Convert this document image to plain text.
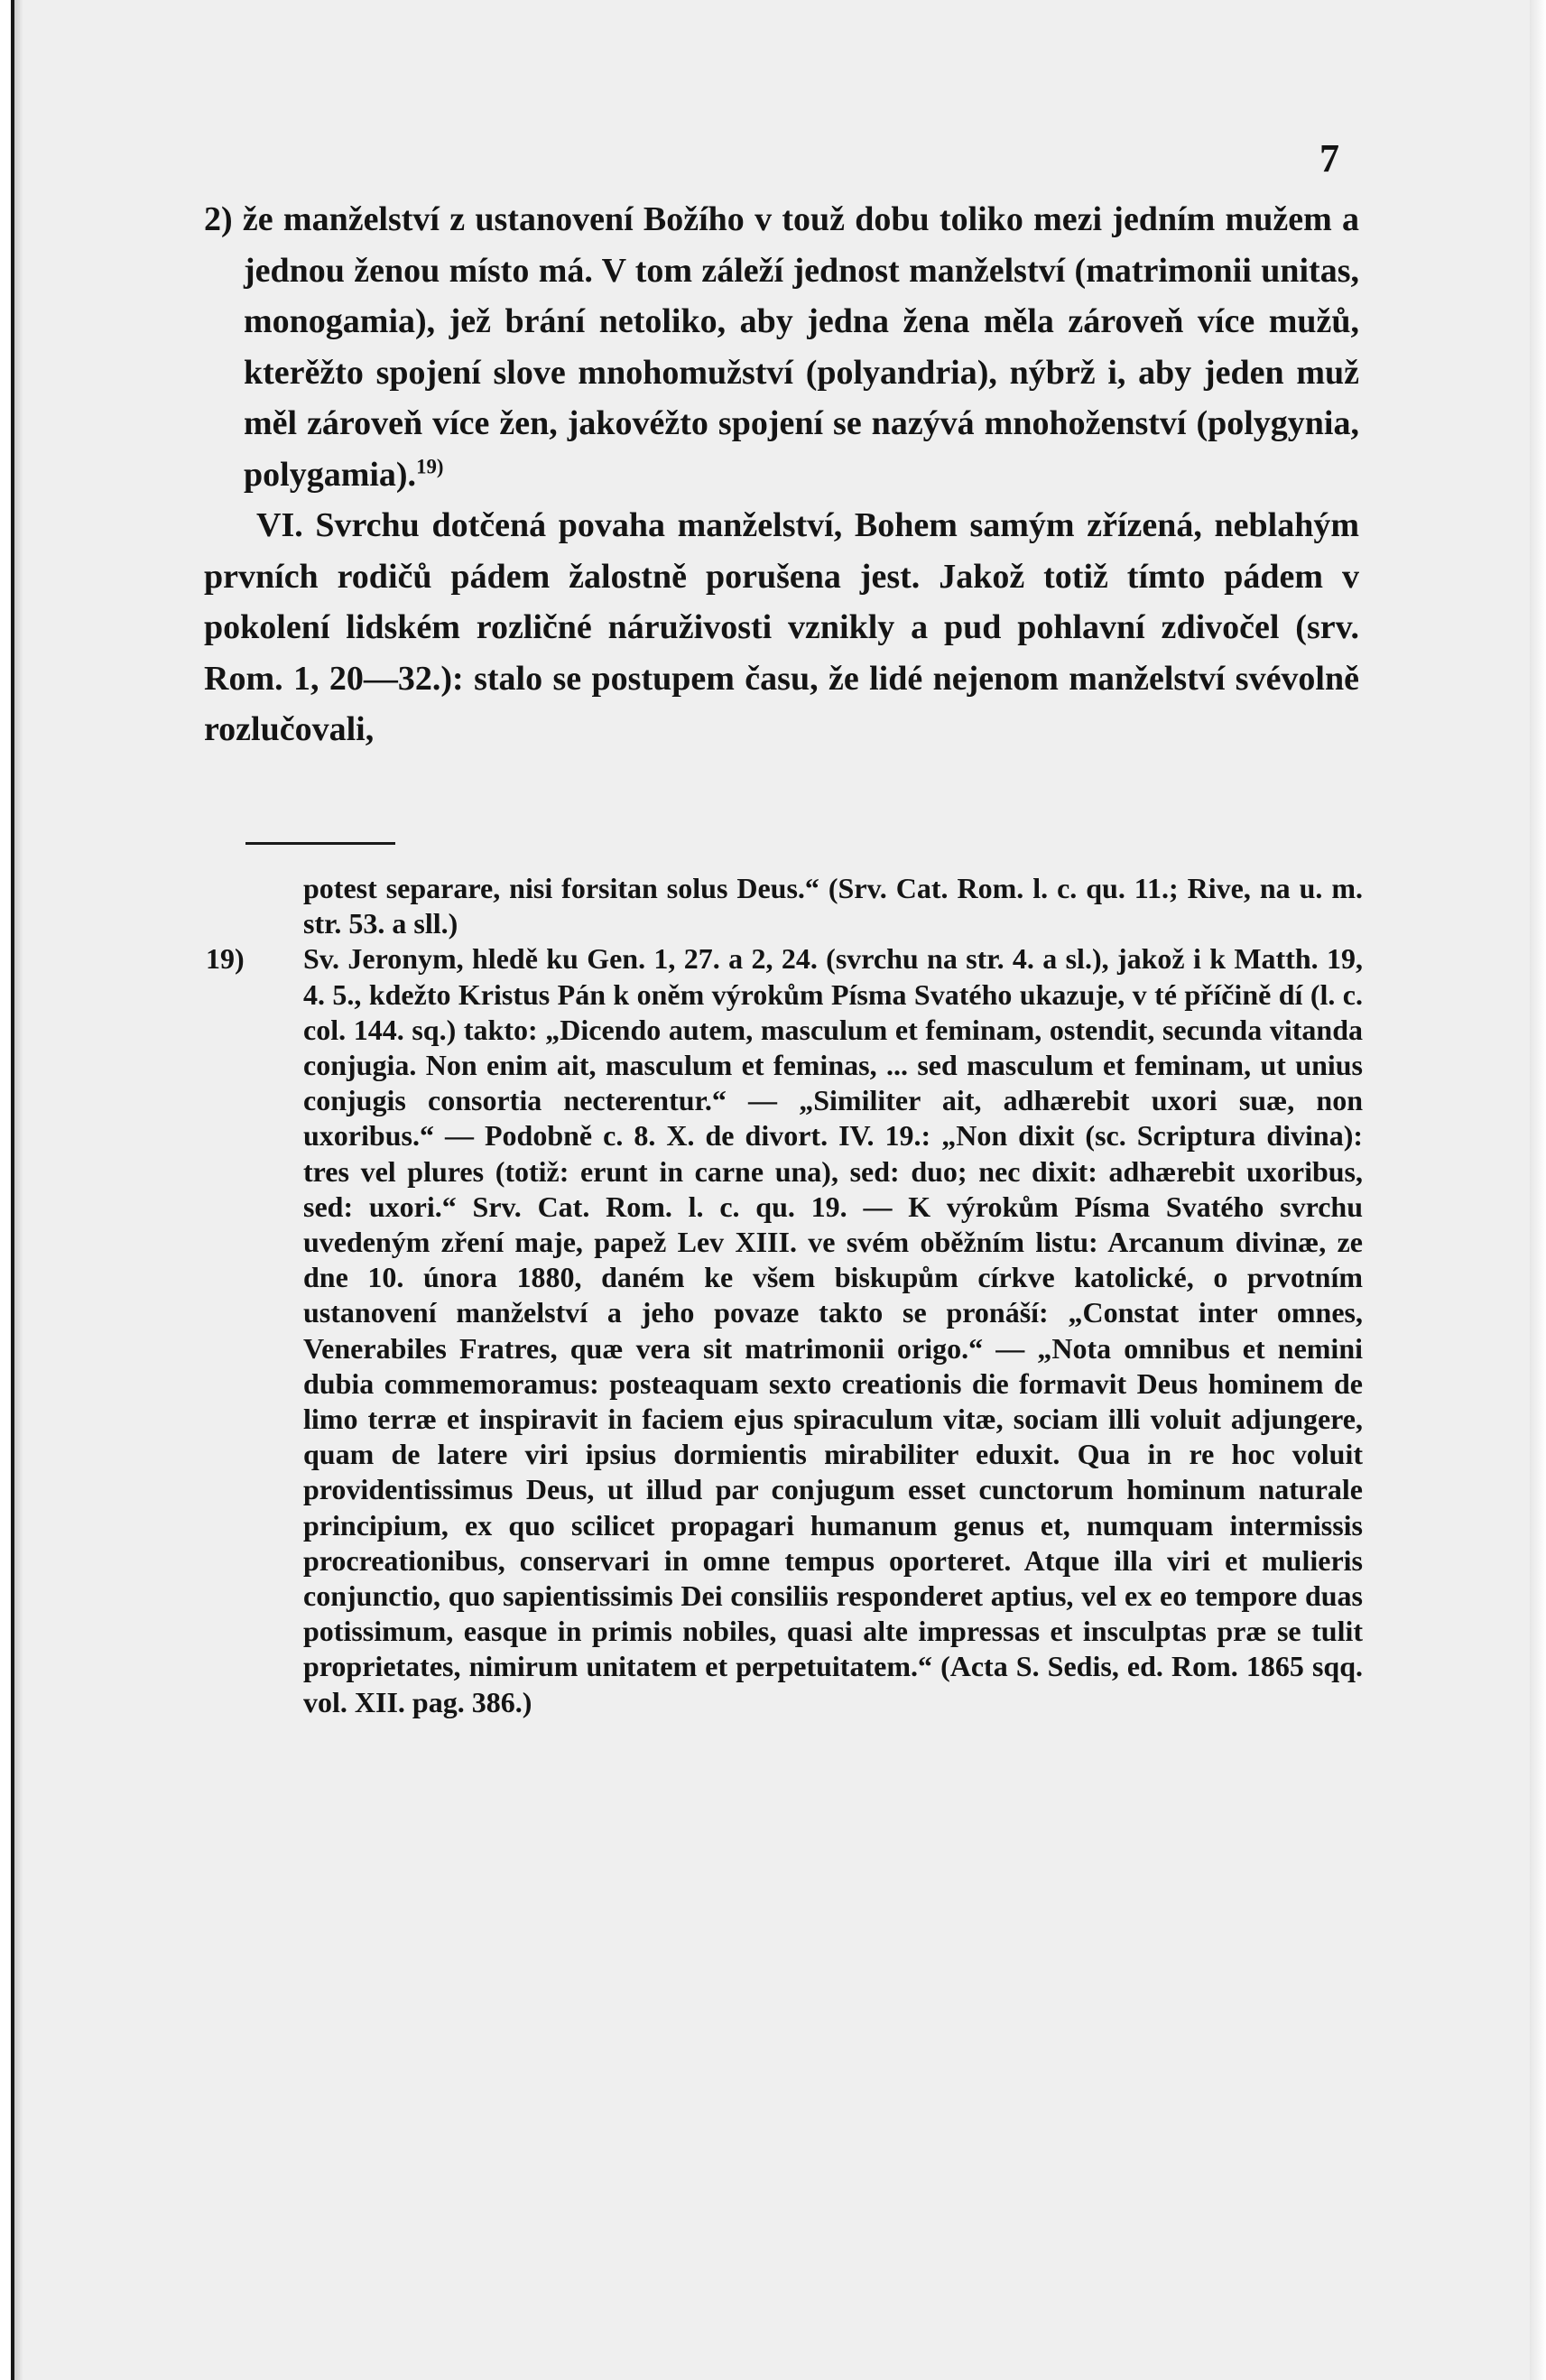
7

2) že manželství z ustanovení Božího v touž dobu toliko mezi jedním mužem a jednou ženou místo má. V tom záleží jednost manželství (matrimonii unitas, monogamia), jež brání netoliko, aby jedna žena měla zároveň více mužů, kterěžto spojení slove mnohomužství (polyandria), nýbrž i, aby jeden muž měl zároveň více žen, jakovéžto spojení se nazývá mnohoženství (polygynia, polygamia).$^{19)}$

VI. Svrchu dotčená povaha manželství, Bohem samým zřízená, neblahým prvních rodičů pádem žalostně porušena jest. Jakož totiž tímto pádem v pokolení lidském rozličné náruživosti vznikly a pud pohlavní zdivočel (srv. Rom. 1, 20—32.): stalo se postupem času, že lidé nejenom manželství svévolně rozlučovali,

potest separare, nisi forsitan solus Deus.“ (Srv. Cat. Rom. l. c. qu. 11.; Rive, na u. m. str. 53. a sll.)

19) Sv. Jeronym, hledě ku Gen. 1, 27. a 2, 24. (svrchu na str. 4. a sl.), jakož i k Matth. 19, 4. 5., kdežto Kristus Pán k oněm výrokům Písma Svatého ukazuje, v té příčině dí (l. c. col. 144. sq.) takto: „Dicendo autem, masculum et feminam, ostendit, secunda vitanda conjugia. Non enim ait, masculum et feminas, ... sed masculum et feminam, ut unius conjugis consortia necterentur.“ — „Similiter ait, adhærebit uxori suæ, non uxoribus.“ — Podobně c. 8. X. de divort. IV. 19.: „Non dixit (sc. Scriptura divina): tres vel plures (totiž: erunt in carne una), sed: duo; nec dixit: adhærebit uxoribus, sed: uxori.“ Srv. Cat. Rom. l. c. qu. 19. — K výrokům Písma Svatého svrchu uvedeným zření maje, papež Lev XIII. ve svém oběžním listu: Arcanum divinæ, ze dne 10. února 1880, daném ke všem biskupům církve katolické, o prvotním ustanovení manželství a jeho povaze takto se pronáší: „Constat inter omnes, Venerabiles Fratres, quæ vera sit matrimonii origo.“ — „Nota omnibus et nemini dubia commemoramus: posteaquam sexto creationis die formavit Deus hominem de limo terræ et inspiravit in faciem ejus spiraculum vitæ, sociam illi voluit adjungere, quam de latere viri ipsius dormientis mirabiliter eduxit. Qua in re hoc voluit providentissimus Deus, ut illud par conjugum esset cunctorum hominum naturale principium, ex quo scilicet propagari humanum genus et, numquam intermissis procreationibus, conservari in omne tempus oporteret. Atque illa viri et mulieris conjunctio, quo sapientissimis Dei consiliis responderet aptius, vel ex eo tempore duas potissimum, easque in primis nobiles, quasi alte impressas et insculptas præ se tulit proprietates, nimirum unitatem et perpetuitatem.“ (Acta S. Sedis, ed. Rom. 1865 sqq. vol. XII. pag. 386.)
